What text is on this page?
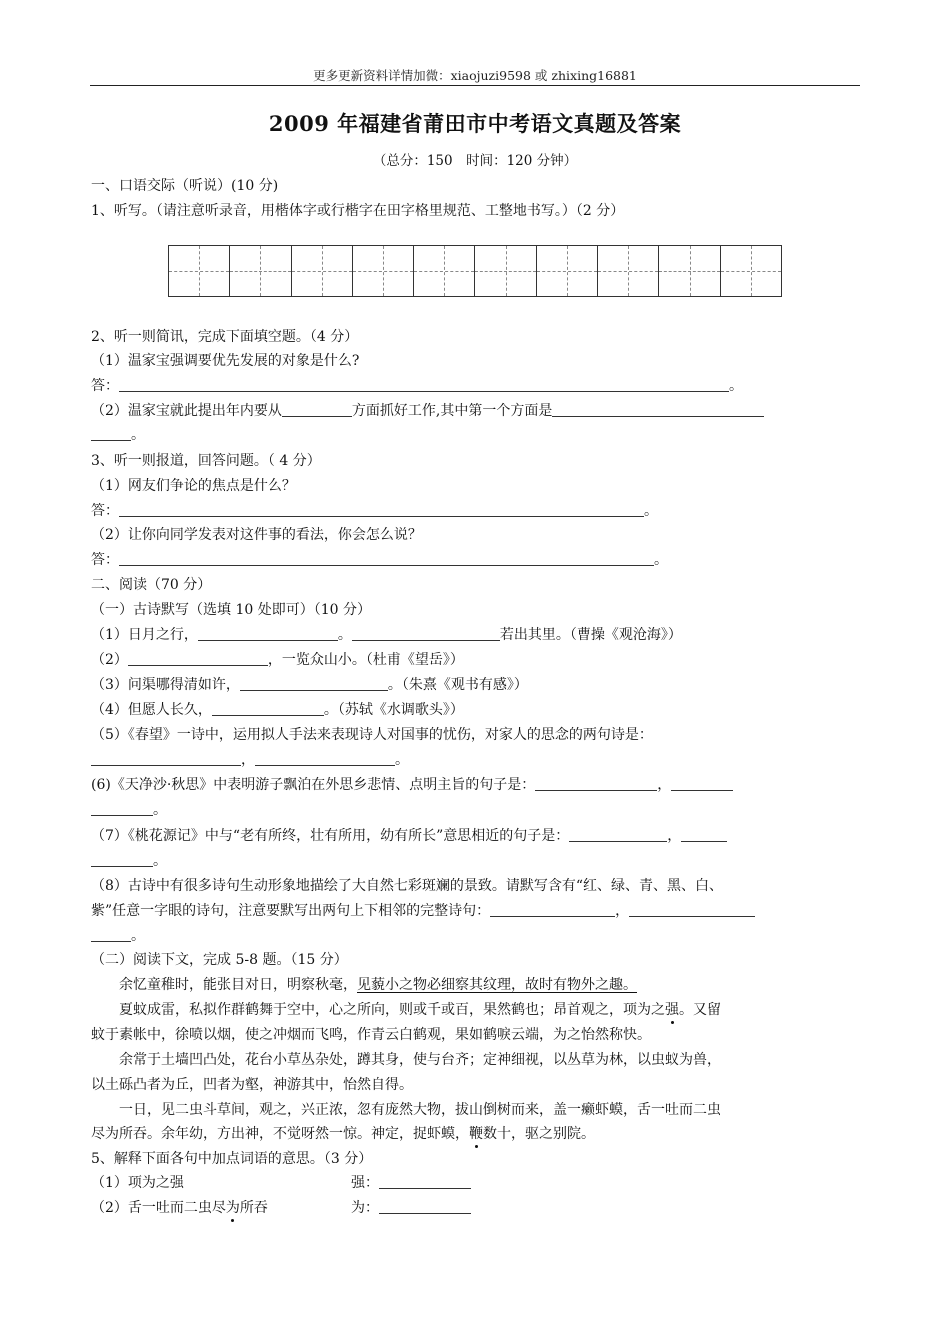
更多更新资料详情加微：xiaojuzi9598 或 zhixing16881
2009 年福建省莆田市中考语文真题及答案
（总分：150　时间：120 分钟）
一、口语交际（听说）(10 分)
1、听写。（请注意听录音，用楷体字或行楷字在田字格里规范、工整地书写。）（2 分）
2、听一则简讯，完成下面填空题。（4 分）
（1）温家宝强调要优先发展的对象是什么?
答：	。
（2）温家宝就此提出年内要从	方面抓好工作,其中第一个方面是
。
3、听一则报道，回答问题。（ 4 分）
（1）网友们争论的焦点是什么？
答：	。
（2）让你向同学发表对这件事的看法，你会怎么说？
答：	。
二、阅读（70 分）
（一）古诗默写（选填 10 处即可）（10 分）
（1）日月之行，	。	若出其里。（曹操《观沧海》）
（2）	，一览众山小。（杜甫《望岳》）
（3）问渠哪得清如许，	。（朱熹《观书有感》）
（4）但愿人长久，	。（苏轼《水调歌头》）
（5）《春望》一诗中，运用拟人手法来表现诗人对国事的忧伤，对家人的思念的两句诗是：
，	。
(6)《天净沙·秋思》中表明游子飘泊在外思乡悲情、点明主旨的句子是：	，
。
（7）《桃花源记》中与“老有所终，壮有所用，幼有所长”意思相近的句子是：	，
。
（8）古诗中有很多诗句生动形象地描绘了大自然七彩斑斓的景致。请默写含有“红、绿、青、黑、白、
紫”任意一字眼的诗句，注意要默写出两句上下相邻的完整诗句：	，
。
（二）阅读下文，完成 5-8 题。（15 分）
余忆童稚时，能张目对日，明察秋毫，见藐小之物必细察其纹理，故时有物外之趣。
夏蚊成雷，私拟作群鹤舞于空中，心之所向，则或千或百，果然鹤也；昂首观之，项为之强。又留
蚊于素帐中，徐喷以烟，使之冲烟而飞鸣，作青云白鹤观，果如鹤唳云端，为之怡然称快。
余常于土墙凹凸处，花台小草丛杂处，蹲其身，使与台齐；定神细视，以丛草为林，以虫蚁为兽，
以土砾凸者为丘，凹者为壑，神游其中，怡然自得。
一日，见二虫斗草间，观之，兴正浓，忽有庞然大物，拔山倒树而来，盖一癞虾蟆，舌一吐而二虫
尽为所吞。余年幼，方出神，不觉呀然一惊。神定，捉虾蟆，鞭数十，驱之别院。
5、解释下面各句中加点词语的意思。（3 分）
（1）项为之强	强：
（2）舌一吐而二虫尽为所吞	为：
